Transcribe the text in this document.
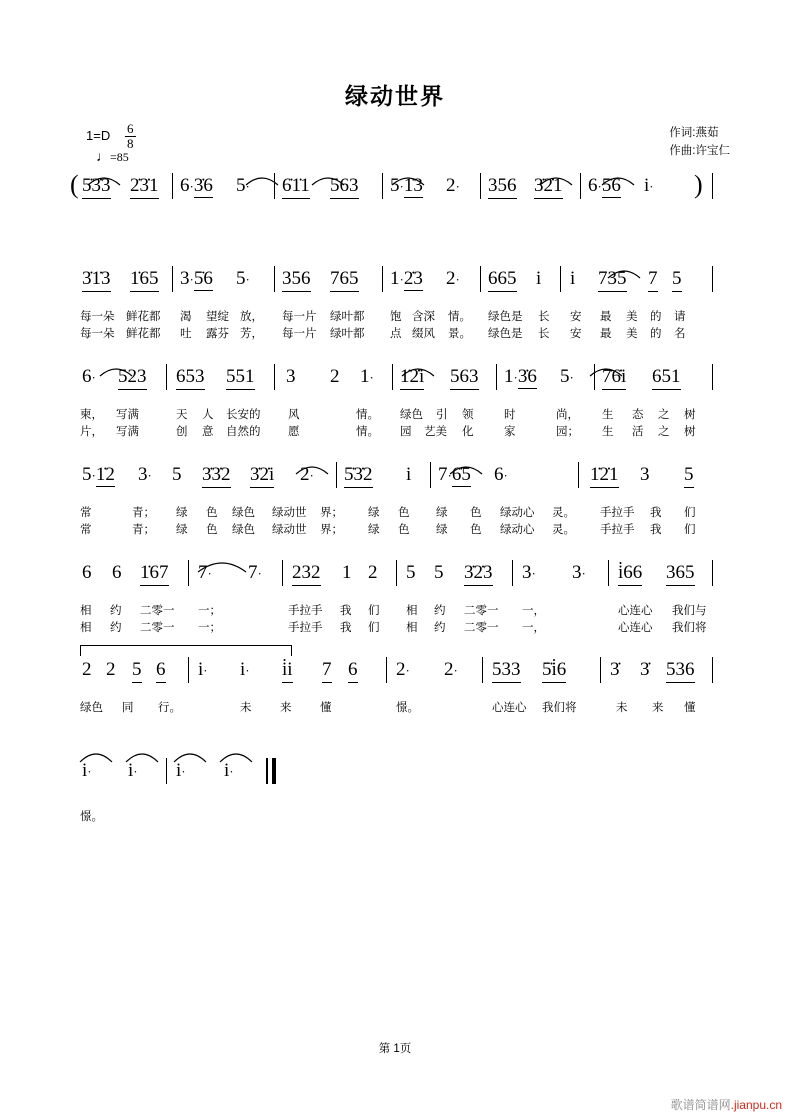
绿动世界
$1=D \frac{6}{8}$
♩=85
作词:燕茹
作曲:许宝仁
( 5̇3̇3 2̇3̇1 6·3̇6 5· 6̇1̇1 563 5·1̇3 2· 356 3̇2̇1 6·5̇6 i· )
3̇1̇3 1̇65 3·5̇6 5· 356 765 1·2̇3 2· 665 i i 735 7 5
每一朵 鲜花都 渴 望绽 放， 每一片 绿叶都 饱 含深 情。 绿色是 长 安 最 美 的 请
每一朵 鲜花都 吐 露芬 芳， 每一片 绿叶都 点 缀风 景。 绿色是 长 安 最 美 的 名
6· 523 653 551 3 2 1· 1̇2̇i 563 1·3̇6 5· 7̇6̇i 651
柬， 写满	天 人 长安的 风	情。 绿色 引 领	时	尚， 生 态 之 树
片， 写满	创 意 自然的 愿	情。 园 艺美 化	家	园； 生 活 之 树
5·1̇2 3· 5 3̇3̇2 3̇2̇i 2· 5̇3̇2 i 7·6̇5 6·	1̇2̇1 3 5
常	青； 绿 色 绿色 绿动世 界； 绿 色 绿 色 绿动心 灵。 手拉手 我 们
常	青； 绿 色 绿色 绿动世 界； 绿 色 绿 色 绿动心 灵。 手拉手 我 们
6 6 1̇67 7· 7· 232 1 2 5 5 3̇2̇3 3· 3· i̇66 365
相 约 二零一 一；	手拉手 我 们 相 约 二零一 一，	心连心 我们与
相 约 二零一 一；	手拉手 我 们 相 约 二零一 一，	心连心 我们将
2 2 5 6 i· i· i̇i 7 6 2· 2· 533 5̇i̇6 3̇ 3̇ 536
绿色 同 行。	未 来 懂	憬。	心连心 我们将	未 来 懂
i· i· i· i·
憬。
第 1页
歌谱简谱网.jianpu.cn
